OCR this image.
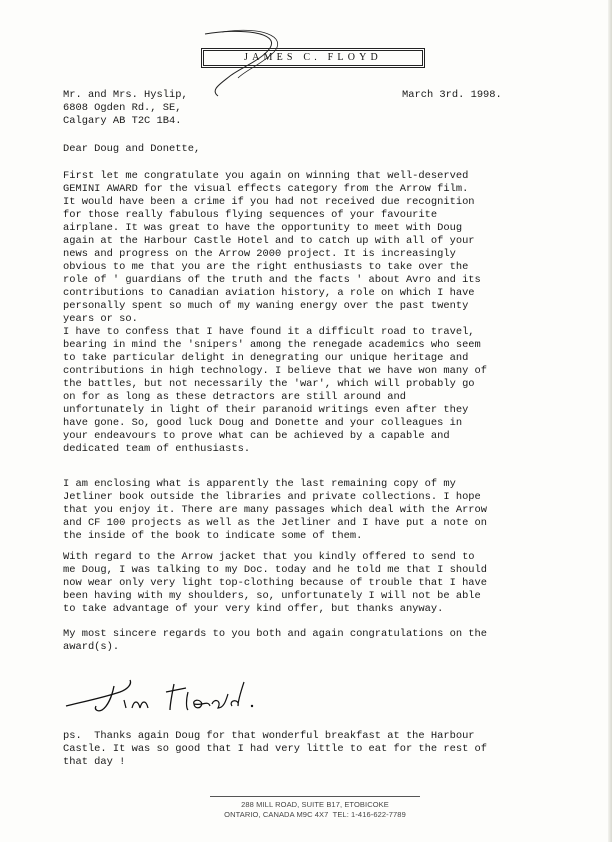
JAMES C. FLOYD
Mr. and Mrs. Hyslip,
6808 Ogden Rd., SE,
Calgary AB T2C 1B4.
March 3rd. 1998.
Dear Doug and Donette,
First let me congratulate you again on winning that well-deserved
GEMINI AWARD for the visual effects category from the Arrow film.
It would have been a crime if you had not received due recognition
for those really fabulous flying sequences of your favourite
airplane. It was great to have the opportunity to meet with Doug
again at the Harbour Castle Hotel and to catch up with all of your
news and progress on the Arrow 2000 project. It is increasingly
obvious to me that you are the right enthusiasts to take over the
role of ' guardians of the truth and the facts ' about Avro and its
contributions to Canadian aviation history, a role on which I have
personally spent so much of my waning energy over the past twenty
years or so.
I have to confess that I have found it a difficult road to travel,
bearing in mind the 'snipers' among the renegade academics who seem
to take particular delight in denegrating our unique heritage and
contributions in high technology. I believe that we have won many of
the battles, but not necessarily the 'war', which will probably go
on for as long as these detractors are still around and
unfortunately in light of their paranoid writings even after they
have gone. So, good luck Doug and Donette and your colleagues in
your endeavours to prove what can be achieved by a capable and
dedicated team of enthusiasts.
I am enclosing what is apparently the last remaining copy of my
Jetliner book outside the libraries and private collections. I hope
that you enjoy it. There are many passages which deal with the Arrow
and CF 100 projects as well as the Jetliner and I have put a note on
the inside of the book to indicate some of them.
With regard to the Arrow jacket that you kindly offered to send to
me Doug, I was talking to my Doc. today and he told me that I should
now wear only very light top-clothing because of trouble that I have
been having with my shoulders, so, unfortunately I will not be able
to take advantage of your very kind offer, but thanks anyway.
My most sincere regards to you both and again congratulations on the
award(s).
ps.  Thanks again Doug for that wonderful breakfast at the Harbour
Castle. It was so good that I had very little to eat for the rest of
that day !
288 MILL ROAD, SUITE B17, ETOBICOKE
ONTARIO, CANADA M9C 4X7  TEL: 1-416-622-7789
